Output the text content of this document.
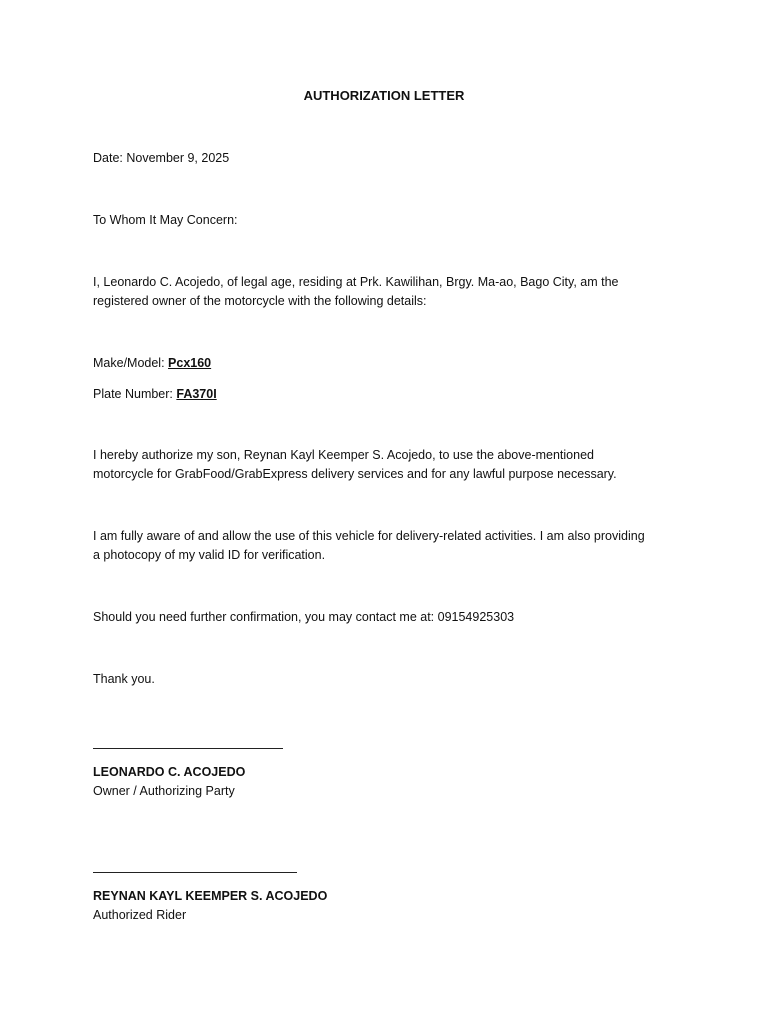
AUTHORIZATION LETTER
Date: November 9, 2025
To Whom It May Concern:
I, Leonardo C. Acojedo, of legal age, residing at Prk. Kawilihan, Brgy. Ma-ao, Bago City, am the
registered owner of the motorcycle with the following details:
Make/Model: Pcx160
Plate Number: FA370I
I hereby authorize my son, Reynan Kayl Keemper S. Acojedo, to use the above-mentioned
motorcycle for GrabFood/GrabExpress delivery services and for any lawful purpose necessary.
I am fully aware of and allow the use of this vehicle for delivery-related activities. I am also providing
a photocopy of my valid ID for verification.
Should you need further confirmation, you may contact me at: 09154925303
Thank you.
LEONARDO C. ACOJEDO
Owner / Authorizing Party
REYNAN KAYL KEEMPER S. ACOJEDO
Authorized Rider
